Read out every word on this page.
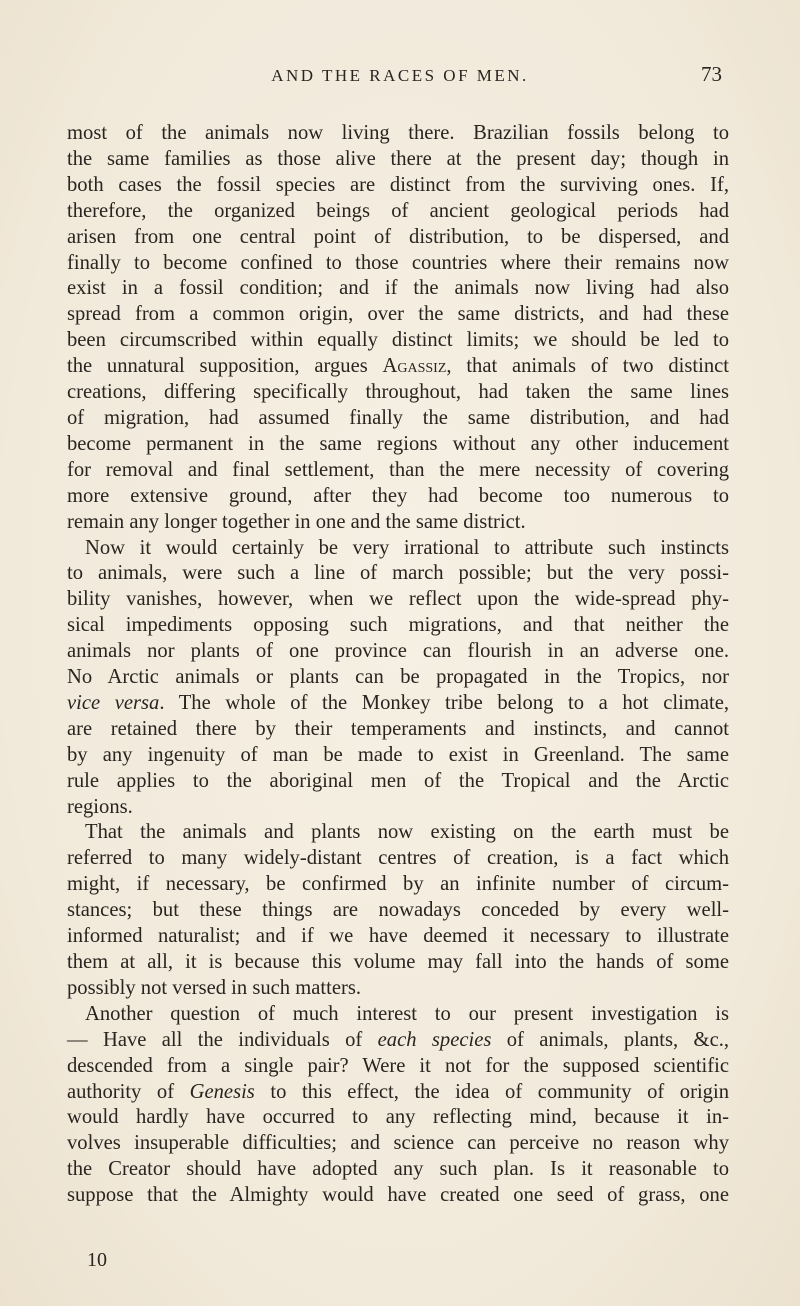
AND THE RACES OF MEN.	73

most of the animals now living there. Brazilian fossils belong to
the same families as those alive there at the present day; though in
both cases the fossil species are distinct from the surviving ones. If,
therefore, the organized beings of ancient geological periods had
arisen from one central point of distribution, to be dispersed, and
finally to become confined to those countries where their remains now
exist in a fossil condition; and if the animals now living had also
spread from a common origin, over the same districts, and had these
been circumscribed within equally distinct limits; we should be led to
the unnatural supposition, argues Agassiz, that animals of two distinct
creations, differing specifically throughout, had taken the same lines
of migration, had assumed finally the same distribution, and had
become permanent in the same regions without any other inducement
for removal and final settlement, than the mere necessity of covering
more extensive ground, after they had become too numerous to
remain any longer together in one and the same district.

Now it would certainly be very irrational to attribute such instincts
to animals, were such a line of march possible; but the very possi-
bility vanishes, however, when we reflect upon the wide-spread phy-
sical impediments opposing such migrations, and that neither the
animals nor plants of one province can flourish in an adverse one.
No Arctic animals or plants can be propagated in the Tropics, nor
vice versa. The whole of the Monkey tribe belong to a hot climate,
are retained there by their temperaments and instincts, and cannot
by any ingenuity of man be made to exist in Greenland. The same
rule applies to the aboriginal men of the Tropical and the Arctic
regions.

That the animals and plants now existing on the earth must be
referred to many widely-distant centres of creation, is a fact which
might, if necessary, be confirmed by an infinite number of circum-
stances; but these things are nowadays conceded by every well-
informed naturalist; and if we have deemed it necessary to illustrate
them at all, it is because this volume may fall into the hands of some
possibly not versed in such matters.

Another question of much interest to our present investigation is
— Have all the individuals of each species of animals, plants, &c.,
descended from a single pair? Were it not for the supposed scientific
authority of Genesis to this effect, the idea of community of origin
would hardly have occurred to any reflecting mind, because it in-
volves insuperable difficulties; and science can perceive no reason why
the Creator should have adopted any such plan. Is it reasonable to
suppose that the Almighty would have created one seed of grass, one

10
